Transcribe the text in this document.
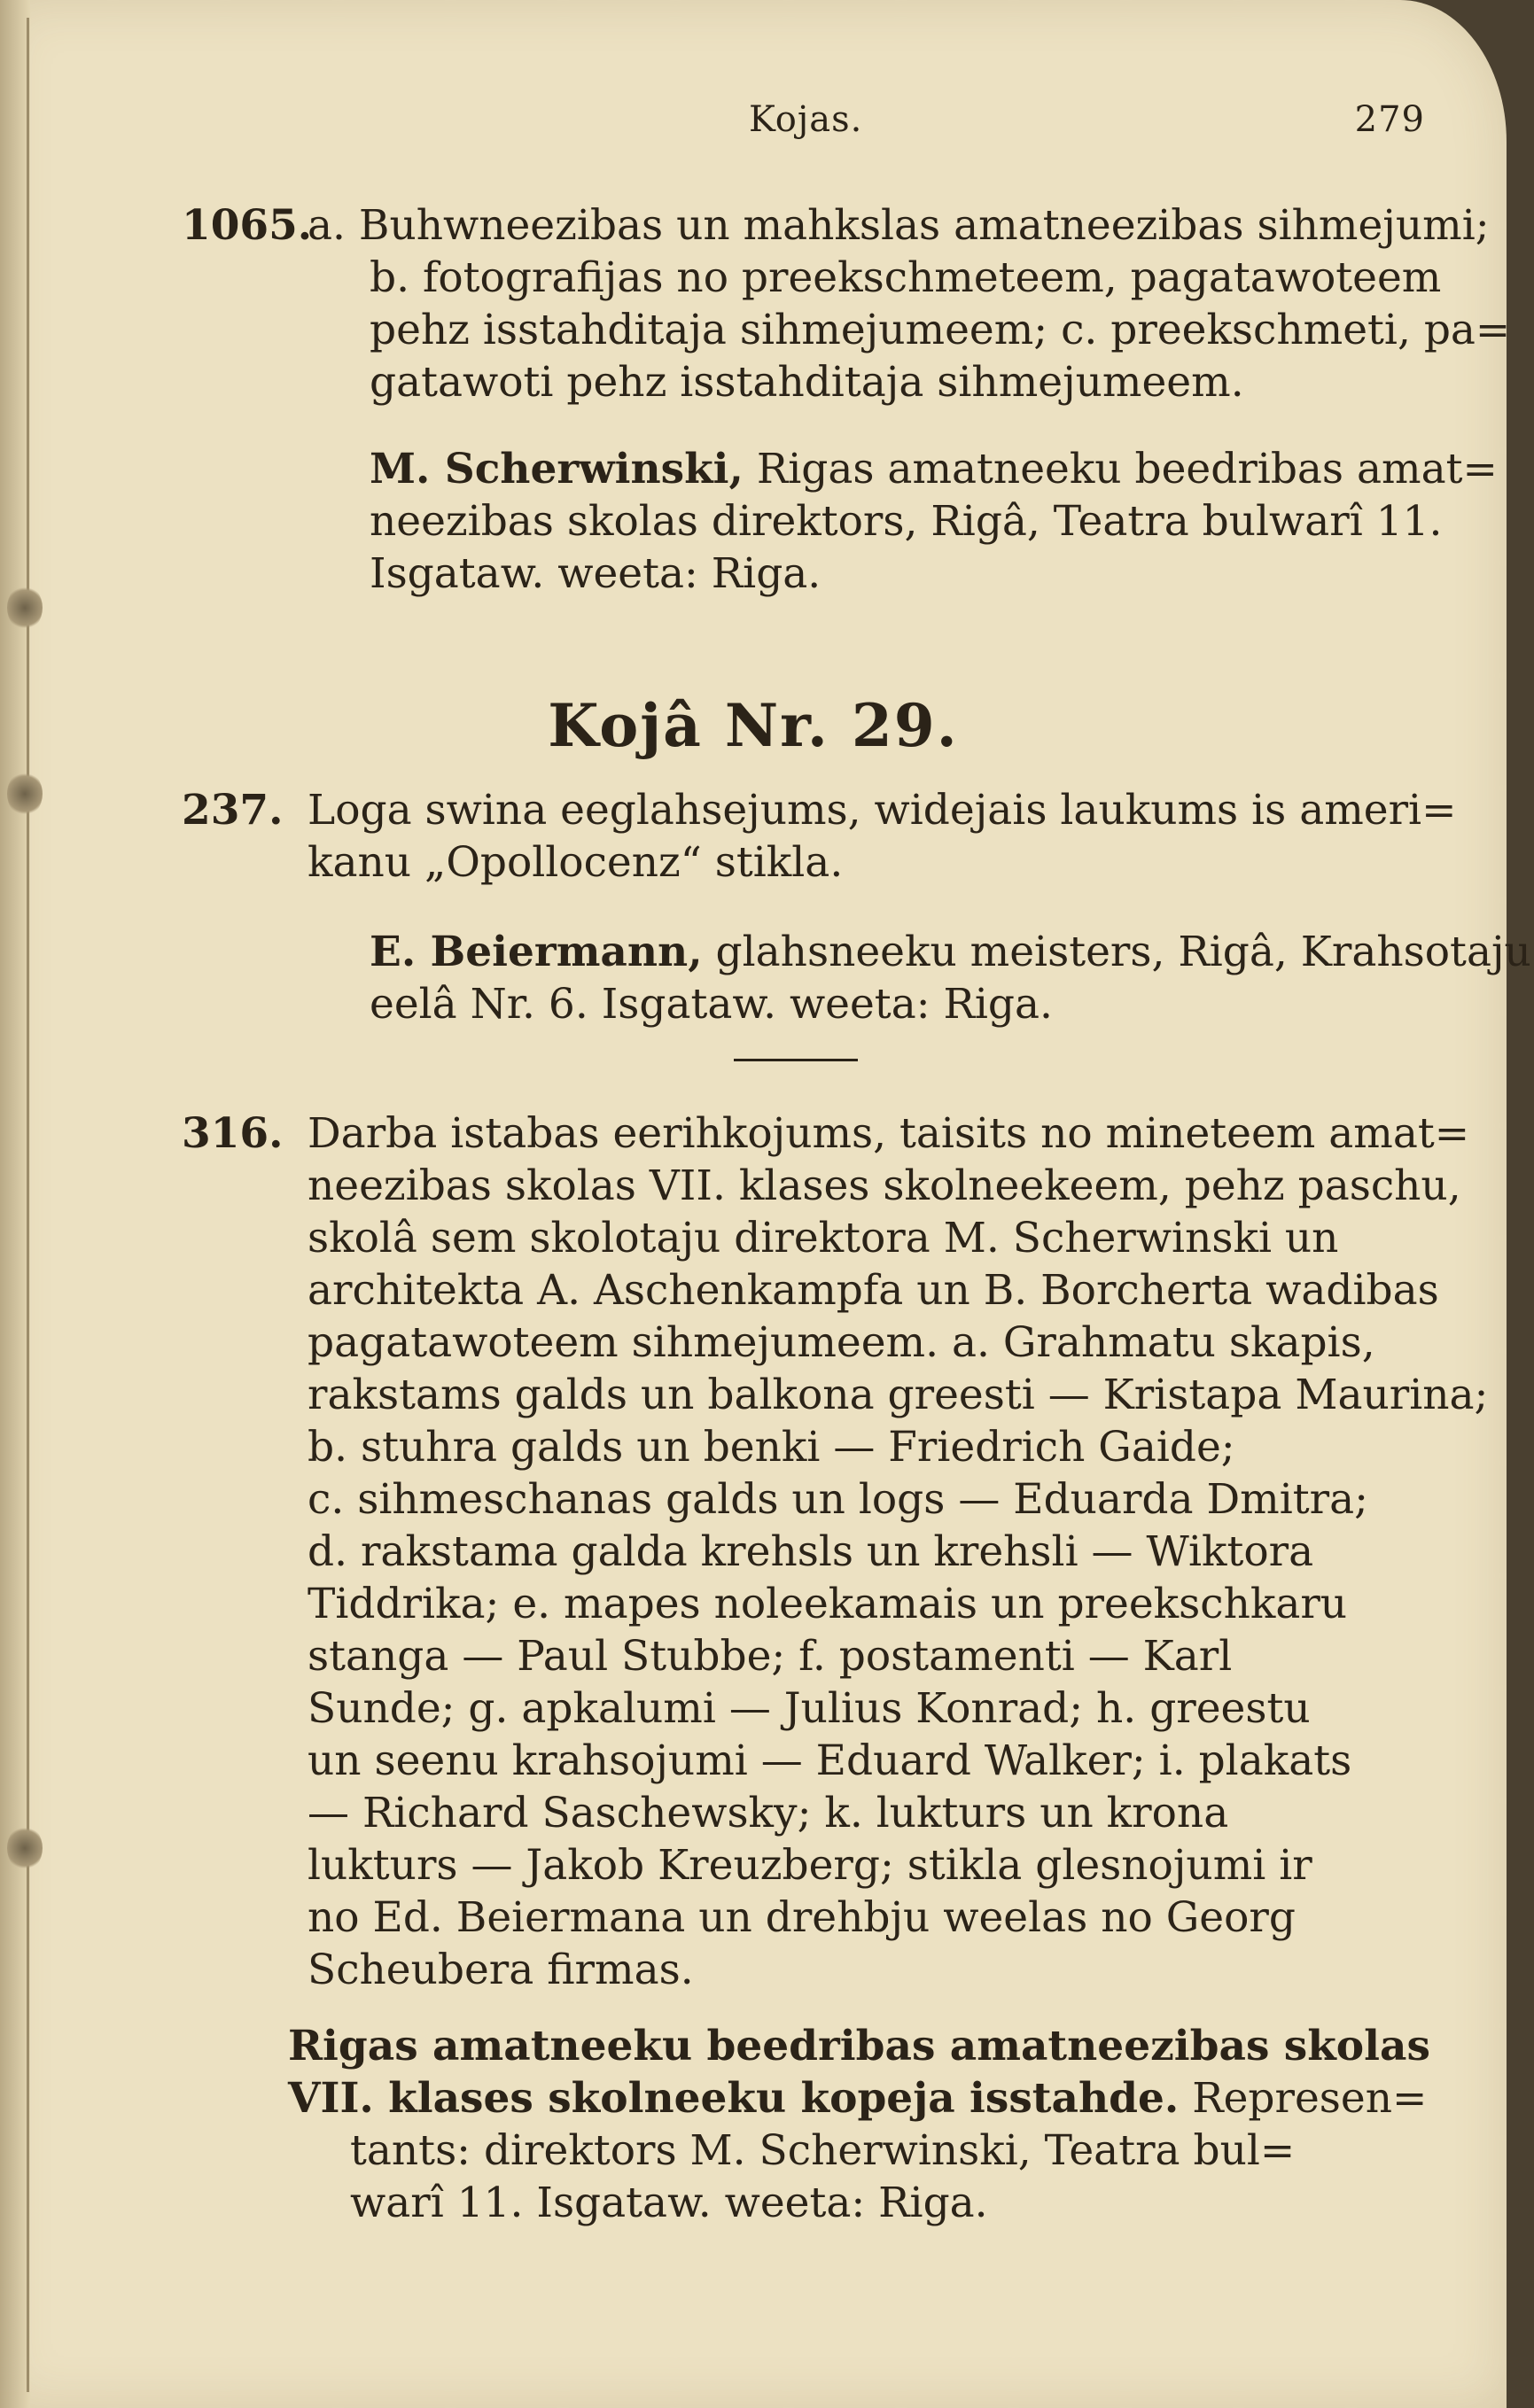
Kojas.	279
1065.
a. Buhwneezibas un mahkslas amatneezibas sihmejumi;
b. fotografijas no preekschmeteem, pagatawoteem
pehz isstahditaja sihmejumeem; c. preekschmeti, pa=
gatawoti pehz isstahditaja sihmejumeem.
M. Scherwinski, Rigas amatneeku beedribas amat=
neezibas skolas direktors, Rigâ, Teatra bulwarî 11.
Isgataw. weeta: Riga.
Kojâ Nr. 29.
237. Loga swina eeglahsejums, widejais laukums is ameri=
kanu „Opollocenz“ stikla.
E. Beiermann, glahsneeku meisters, Rigâ, Krahsotaju
eelâ Nr. 6. Isgataw. weeta: Riga.
316. Darba istabas eerihkojums, taisits no mineteem amat=
neezibas skolas VII. klases skolneekeem, pehz paschu,
skolâ sem skolotaju direktora M. Scherwinski un
architekta A. Aschenkampfa un B. Borcherta wadibas
pagatawoteem sihmejumeem. a. Grahmatu skapis,
rakstams galds un balkona greesti — Kristapa Maurina;
b. stuhra galds un benki — Friedrich Gaide;
c. sihmeschanas galds un logs — Eduarda Dmitra;
d. rakstama galda krehsls un krehsli — Wiktora
Tiddrika; e. mapes noleekamais un preekschkaru
stanga — Paul Stubbe; f. postamenti — Karl
Sunde; g. apkalumi — Julius Konrad; h. greestu
un seenu krahsojumi — Eduard Walker; i. plakats
— Richard Saschewsky; k. lukturs un krona
lukturs — Jakob Kreuzberg; stikla glesnojumi ir
no Ed. Beiermana un drehbju weelas no Georg
Scheubera firmas.
Rigas amatneeku beedribas amatneezibas skolas
VII. klases skolneeku kopeja isstahde. Represen=
tants: direktors M. Scherwinski, Teatra bul=
warî 11. Isgataw. weeta: Riga.
